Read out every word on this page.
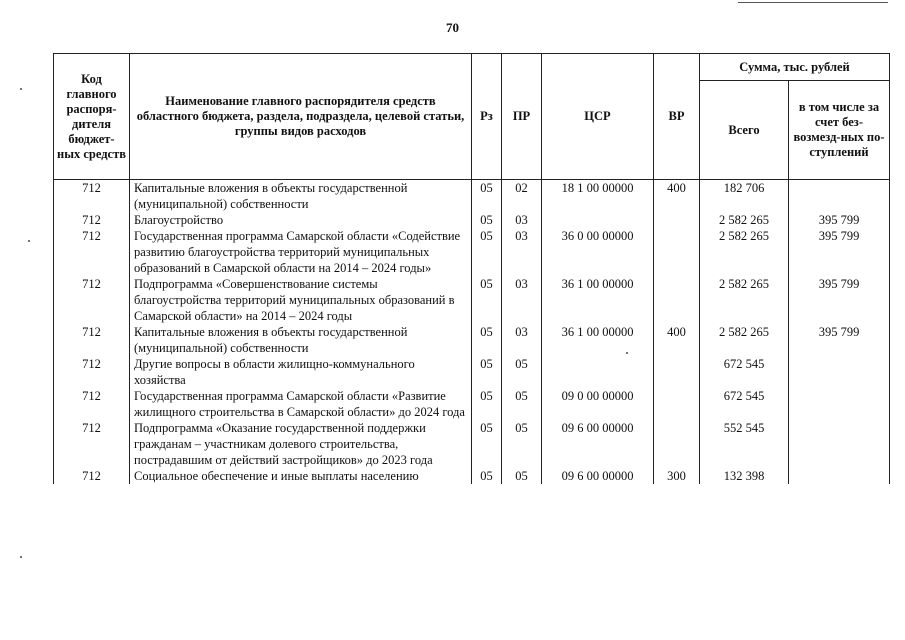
70
Код главного распоря-дителя бюджет-ных средств	Наименование главного распорядителя средств областного бюджета, раздела, подраздела, целевой статьи, группы видов расходов	Рз	ПР	ЦСР	ВР	Сумма, тыс. рублей	
						Всего	в том числе за счет без-возмезд-ных по-ступлений
712	Капитальные вложения в объекты государственной (муниципальной) собственности	05	02	18 1 00 00000	400	182 706	
712	Благоустройство	05	03			2 582 265	395 799
712	Государственная программа Самарской области «Содействие развитию благоустройства территорий муниципальных образований в Самарской области на 2014 – 2024 годы»	05	03	36 0 00 00000		2 582 265	395 799
712	Подпрограмма «Совершенствование системы благоустройства территорий муниципальных образований в Самарской области» на 2014 – 2024 годы	05	03	36 1 00 00000		2 582 265	395 799
712	Капитальные вложения в объекты государственной (муниципальной) собственности	05	03	36 1 00 00000	400	2 582 265	395 799
712	Другие вопросы в области жилищно-коммунального хозяйства	05	05			672 545	
712	Государственная программа Самарской области «Развитие жилищного строительства в Самарской области» до 2024 года	05	05	09 0 00 00000		672 545	
712	Подпрограмма «Оказание государственной поддержки гражданам – участникам долевого строительства, пострадавшим от действий застройщиков» до 2023 года	05	05	09 6 00 00000		552 545	
712	Социальное обеспечение и иные выплаты населению	05	05	09 6 00 00000	300	132 398	
